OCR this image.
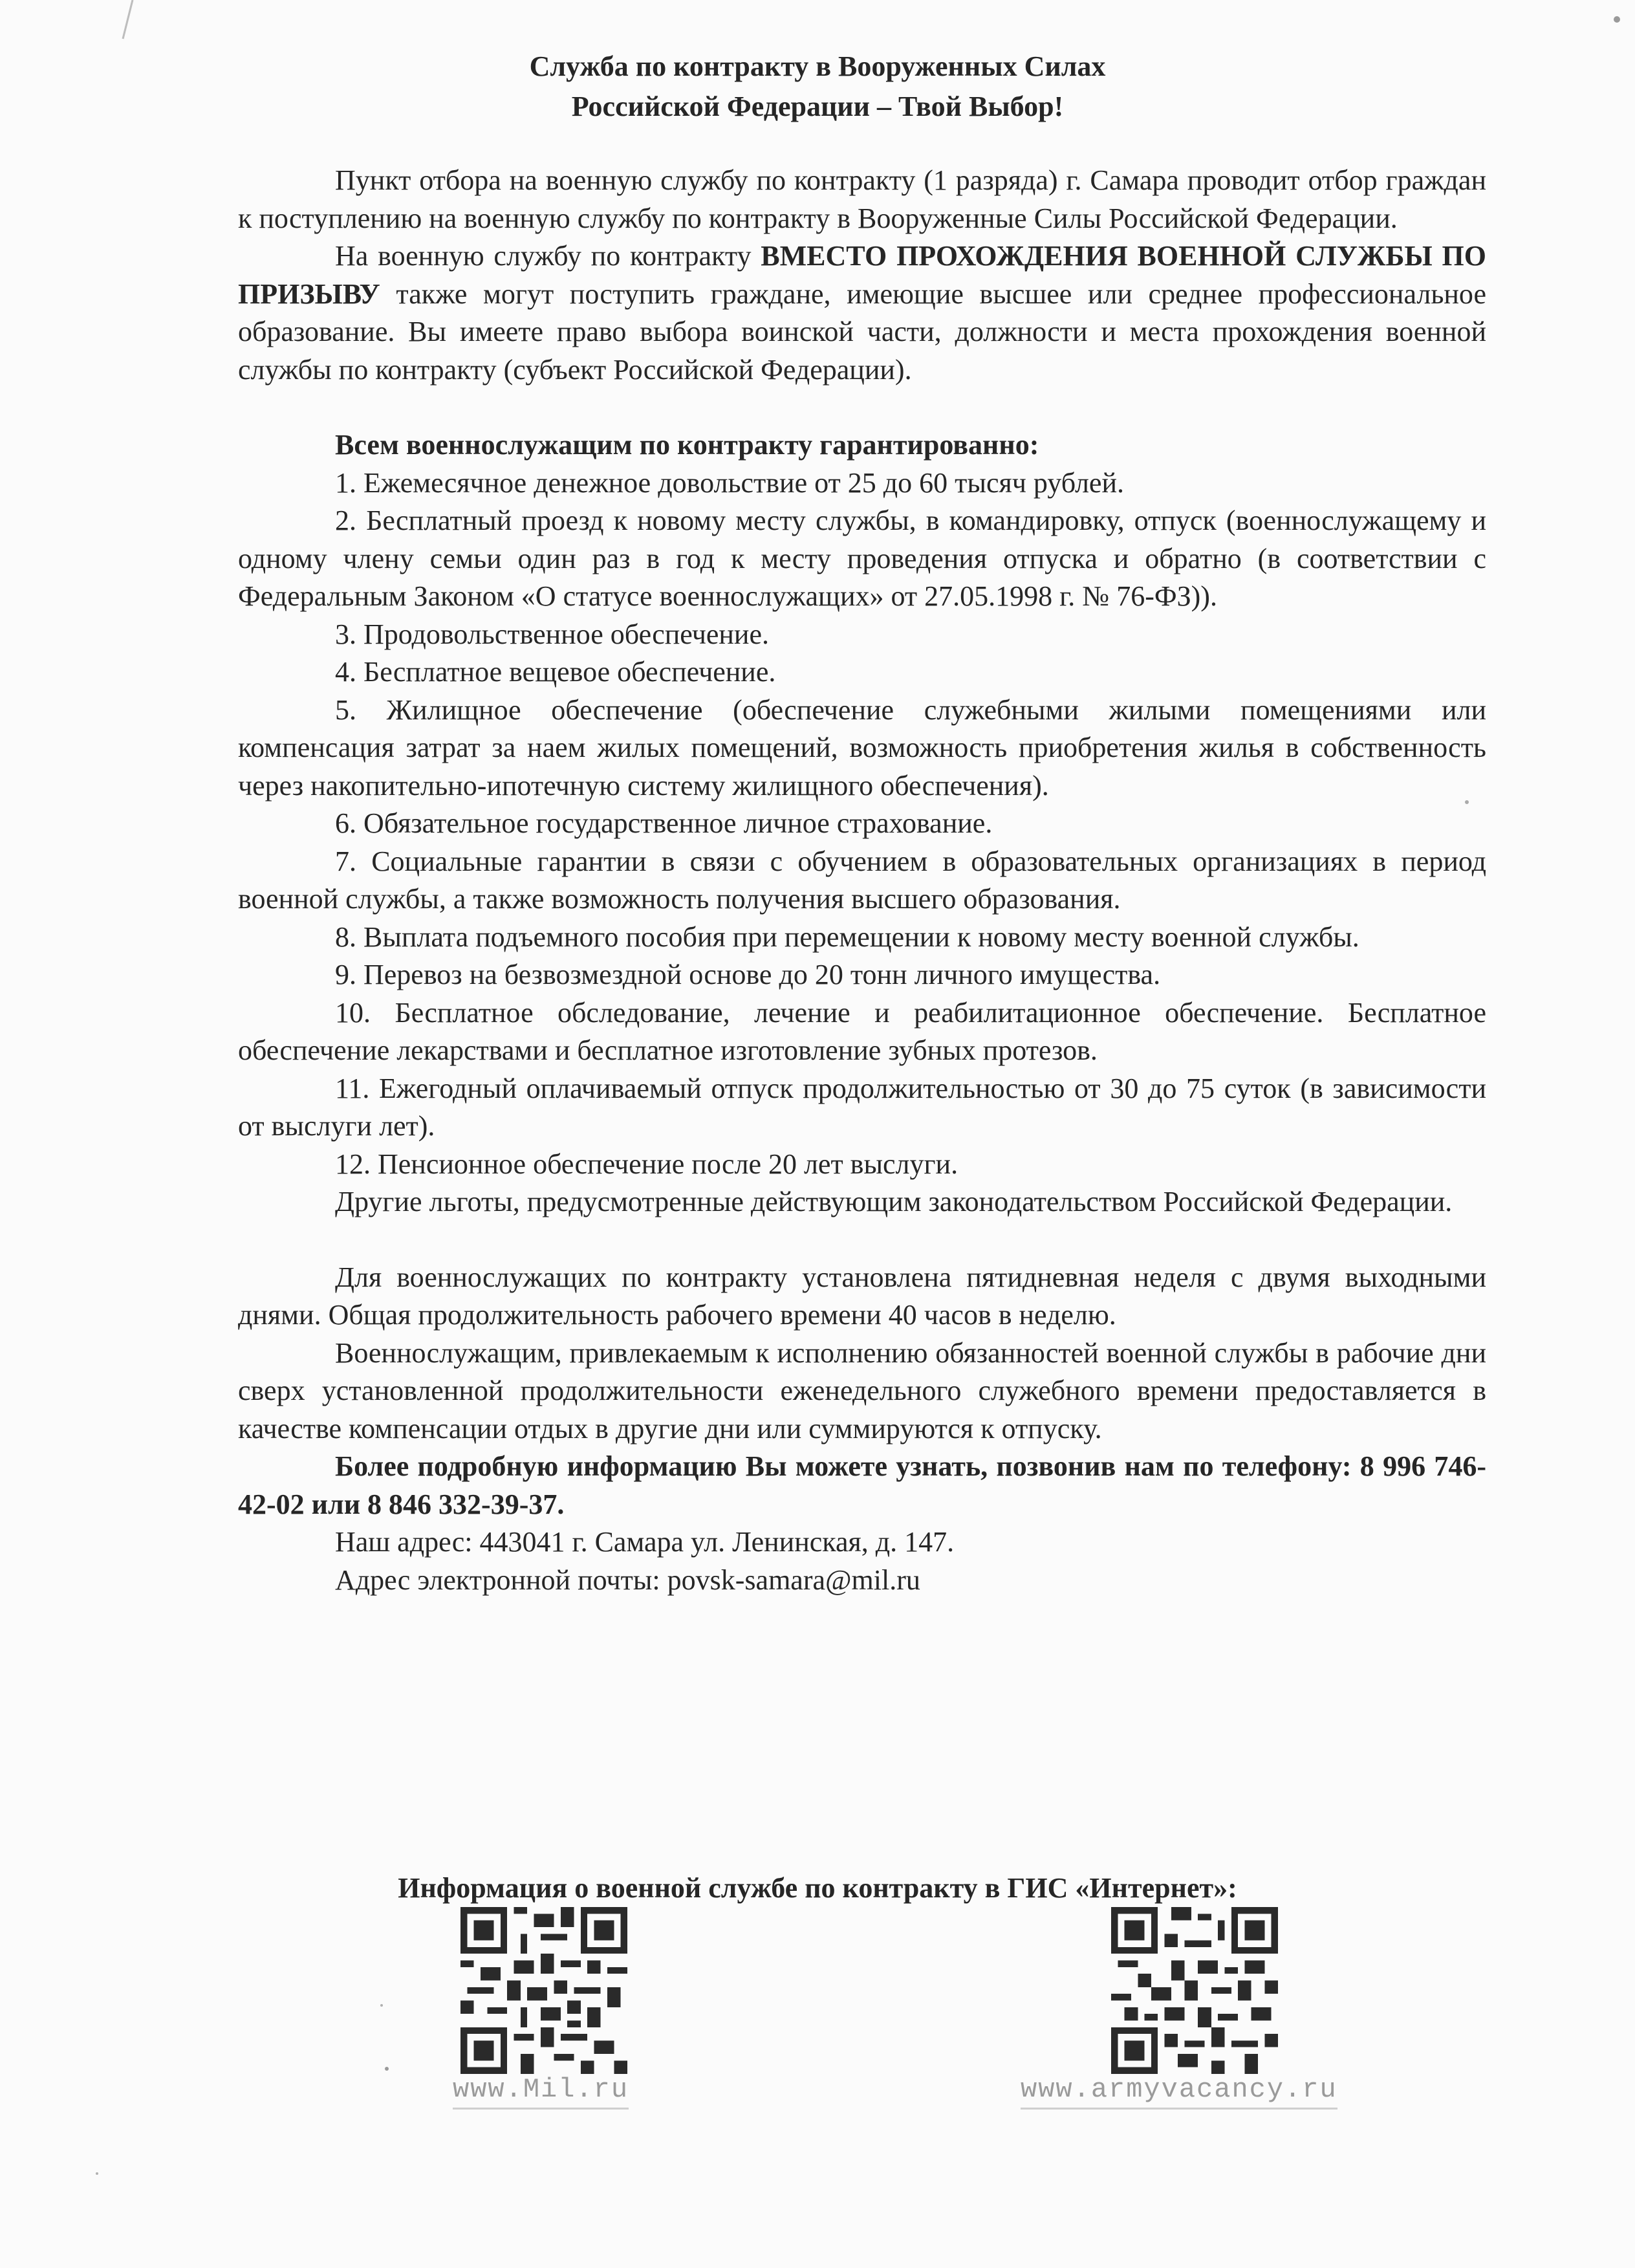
Служба по контракту в Вооруженных Силах
Российской Федерации – Твой Выбор!

Пункт отбора на военную службу по контракту (1 разряда) г. Самара проводит отбор граждан к поступлению на военную службу по контракту в Вооруженные Силы Российской Федерации.

На военную службу по контракту ВМЕСТО ПРОХОЖДЕНИЯ ВОЕННОЙ СЛУЖБЫ ПО ПРИЗЫВУ также могут поступить граждане, имеющие высшее или среднее профессиональное образование. Вы имеете право выбора воинской части, должности и места прохождения военной службы по контракту (субъект Российской Федерации).

Всем военнослужащим по контракту гарантированно:

1. Ежемесячное денежное довольствие от 25 до 60 тысяч рублей.

2. Бесплатный проезд к новому месту службы, в командировку, отпуск (военнослужащему и одному члену семьи один раз в год к месту проведения отпуска и обратно (в соответствии с Федеральным Законом «О статусе военнослужащих» от 27.05.1998 г. № 76-ФЗ)).

3. Продовольственное обеспечение.

4. Бесплатное вещевое обеспечение.

5. Жилищное обеспечение (обеспечение служебными жилыми помещениями или компенсация затрат за наем жилых помещений, возможность приобретения жилья в собственность через накопительно-ипотечную систему жилищного обеспечения).

6. Обязательное государственное личное страхование.

7. Социальные гарантии в связи с обучением в образовательных организациях в период военной службы, а также возможность получения высшего образования.

8. Выплата подъемного пособия при перемещении к новому месту военной службы.

9. Перевоз на безвозмездной основе до 20 тонн личного имущества.

10. Бесплатное обследование, лечение и реабилитационное обеспечение. Бесплатное обеспечение лекарствами и бесплатное изготовление зубных протезов.

11. Ежегодный оплачиваемый отпуск продолжительностью от 30 до 75 суток (в зависимости от выслуги лет).

12. Пенсионное обеспечение после 20 лет выслуги.

Другие льготы, предусмотренные действующим законодательством Российской Федерации.

Для военнослужащих по контракту установлена пятидневная неделя с двумя выходными днями. Общая продолжительность рабочего времени 40 часов в неделю.

Военнослужащим, привлекаемым к исполнению обязанностей военной службы в рабочие дни сверх установленной продолжительности еженедельного служебного времени предоставляется в качестве компенсации отдых в другие дни или суммируются к отпуску.

Более подробную информацию Вы можете узнать, позвонив нам по телефону: 8 996 746-42-02 или 8 846 332-39-37.

Наш адрес: 443041 г. Самара ул. Ленинская, д. 147.

Адрес электронной почты: povsk-samara@mil.ru

Информация о военной службе по контракту в ГИС «Интернет»:
www.Mil.ru	www.armyvacancy.ru
